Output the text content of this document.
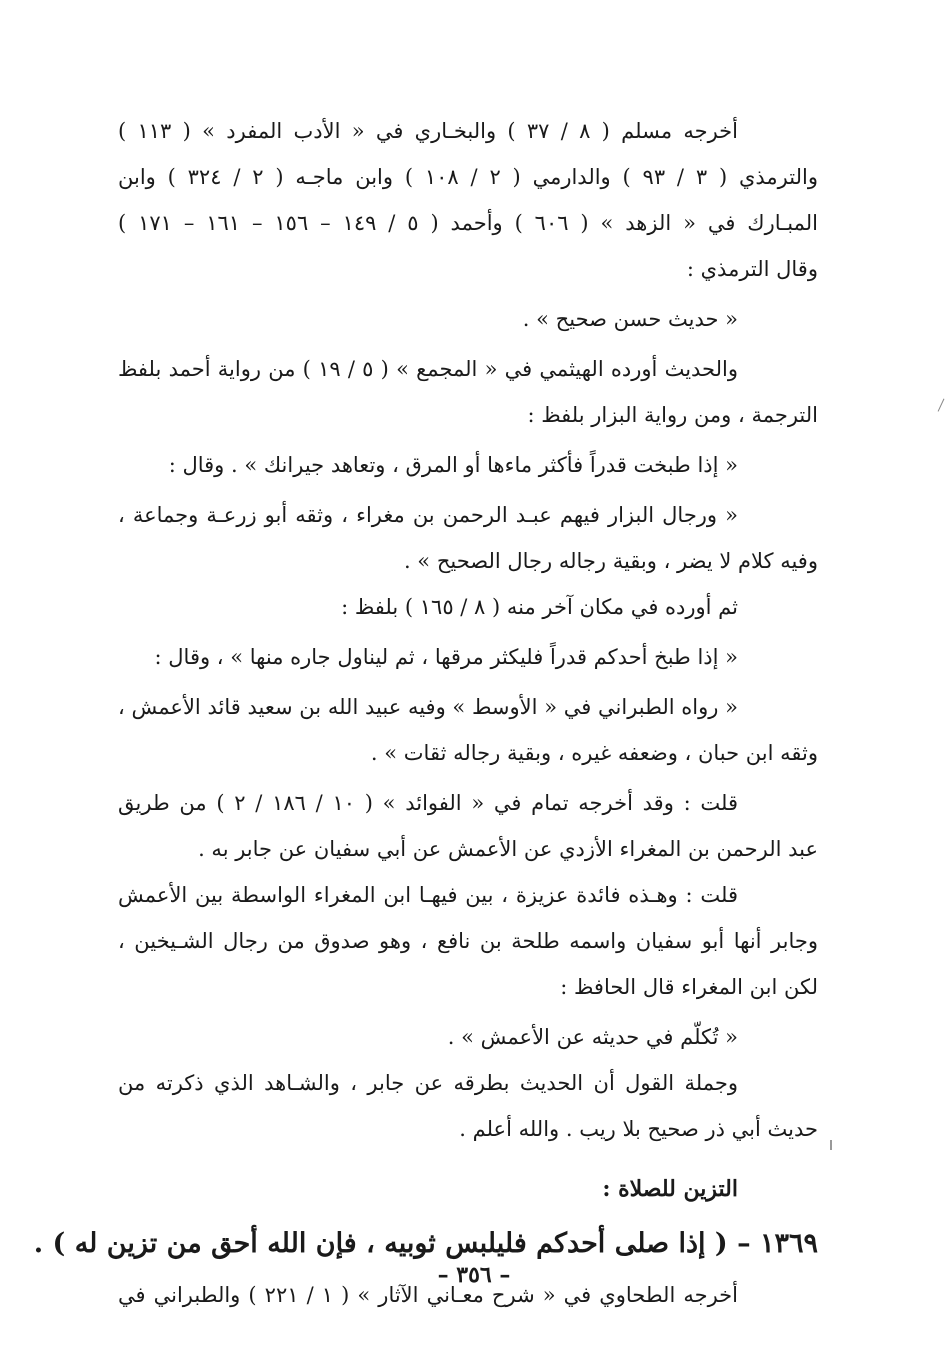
أخرجه مسلم ( ٨ / ٣٧ ) والبخـاري في « الأدب المفرد » ( ١١٣ )
والترمذي ( ٣ / ٩٣ ) والدارمي ( ٢ / ١٠٨ ) وابن ماجـه ( ٢ / ٣٢٤ ) وابن
المبـارك في « الزهد » ( ٦٠٦ ) وأحمد ( ٥ / ١٤٩ – ١٥٦ – ١٦١ – ١٧١ )
وقال الترمذي :
« حديث حسن صحيح » .
والحديث أورده الهيثمي في « المجمع » ( ٥ / ١٩ ) من رواية أحمد بلفظ
الترجمة ، ومن رواية البزار بلفظ :
« إذا طبخت قدراً فأكثر ماءها أو المرق ، وتعاهد جيرانك » . وقال :
« ورجال البزار فيهم عبـد الرحمن بن مغراء ، وثقه أبو زرعـة وجماعة ،
وفيه كلام لا يضر ، وبقية رجاله رجال الصحيح » .
ثم أورده في مكان آخر منه ( ٨ / ١٦٥ ) بلفظ :
« إذا طبخ أحدكم قدراً فليكثر مرقها ، ثم ليناول جاره منها » ، وقال :
« رواه الطبراني في « الأوسط » وفيه عبيد الله بن سعيد قائد الأعمش ،
وثقه ابن حبان ، وضعفه غيره ، وبقية رجاله ثقات » .
قلت : وقد أخرجه تمام في « الفوائد » ( ١٠ / ١٨٦ / ٢ ) من طريق
عبد الرحمن بن المغراء الأزدي عن الأعمش عن أبي سفيان عن جابر به .
قلت : وهـذه فائدة عزيزة ، بين فيهـا ابن المغراء الواسطة بين الأعمش
وجابر أنها أبو سفيان واسمه طلحة بن نافع ، وهو صدوق من رجال الشـيخين ،
لكن ابن المغراء قال الحافظ :
« تُكلّم في حديثه عن الأعمش » .
وجملة القول أن الحديث بطرقه عن جابر ، والشـاهد الذي ذكرته من
حديث أبي ذر صحيح بلا ريب . والله أعلم .
التزين للصلاة :
١٣٦٩ – ( إذا صلى أحدكم فليلبس ثوبيه ، فإن الله أحق من تزين له ) .
أخرجه الطحاوي في « شرح معـاني الآثار » ( ١ / ٢٢١ ) والطبراني في
– ٣٥٦ –
